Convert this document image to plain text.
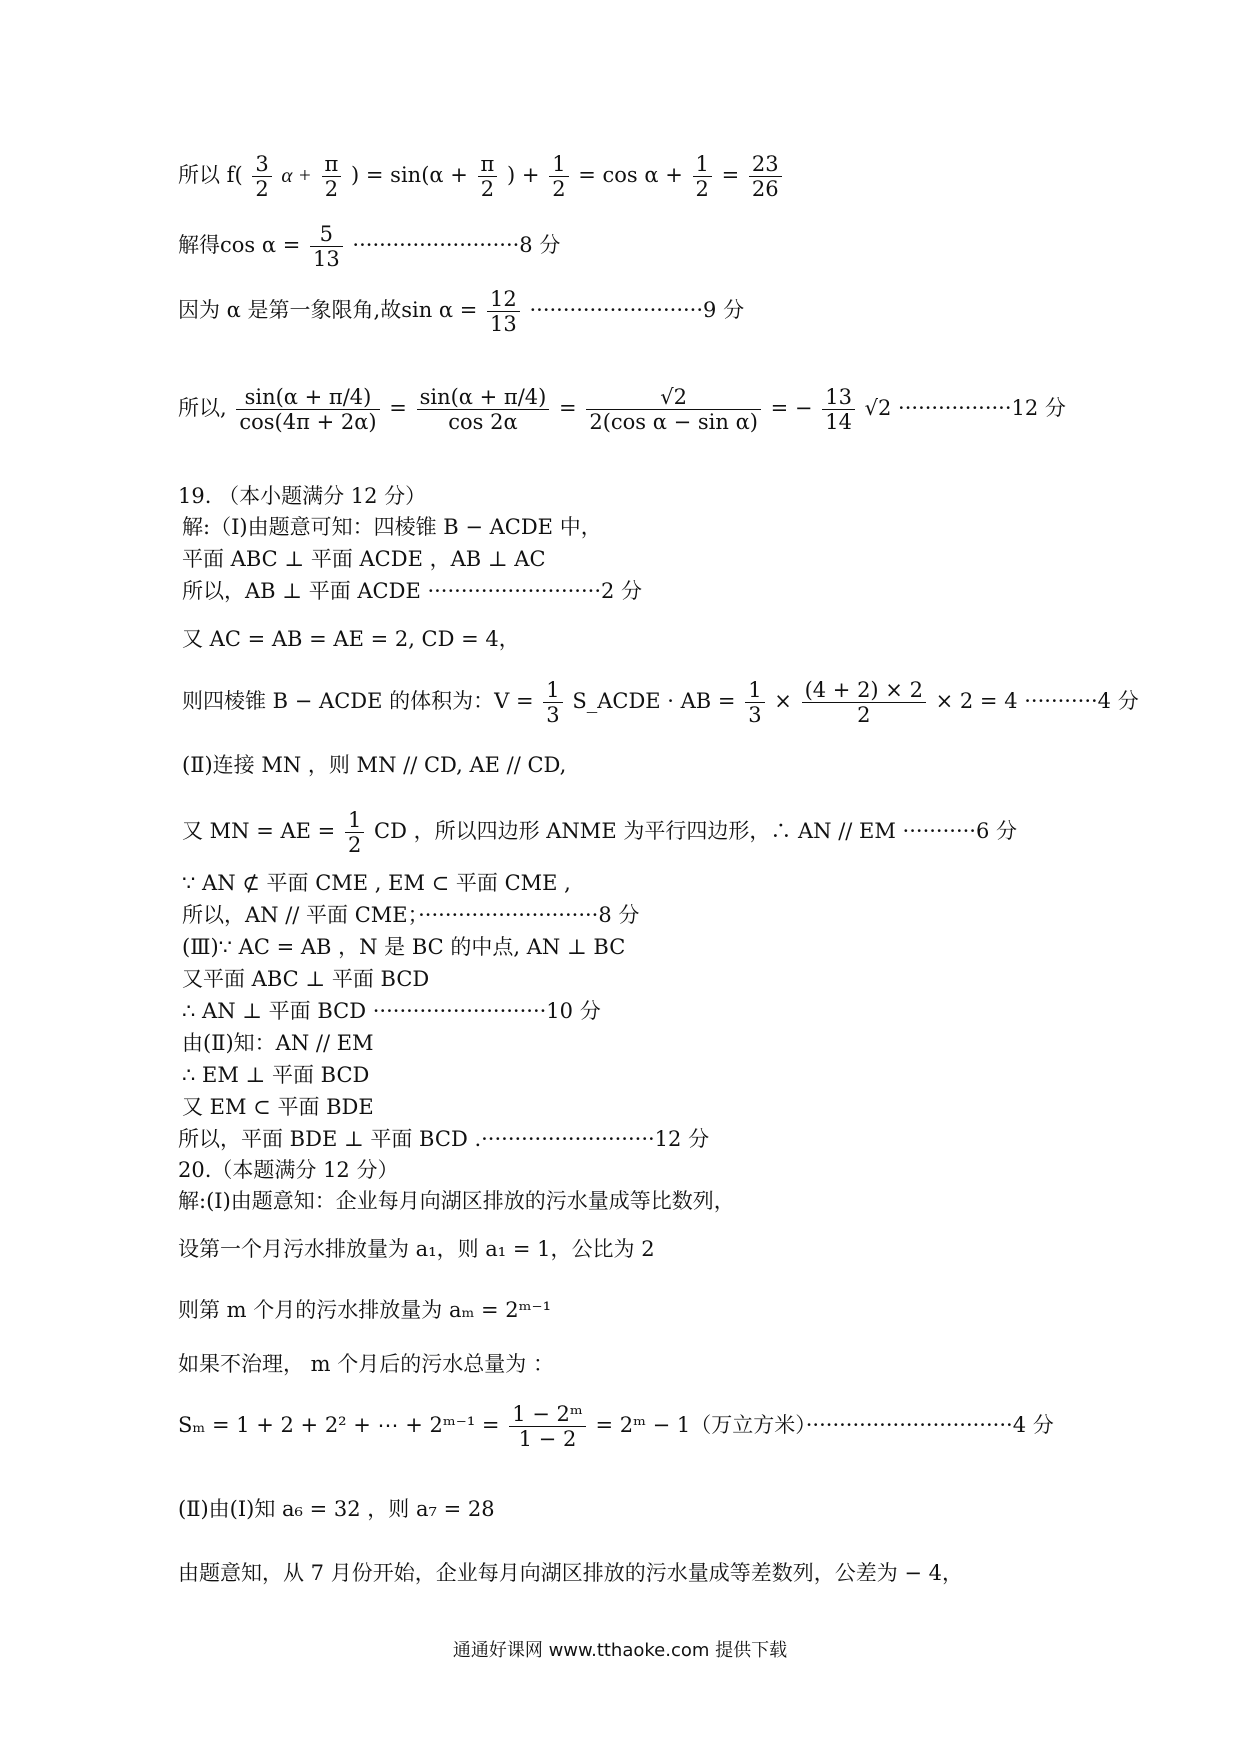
所以 $f( \frac{3}{2}$ $\alpha + \frac{\pi}{2}$ ) = $\sin(\alpha + \frac{\pi}{2}$ ) + $\frac{1}{2} = \cos \alpha + \frac{1}{2} = \frac{23}{26}$
解得$\cos \alpha = \frac{5}{13} \cdot\cdot\cdot\cdot\cdot\cdot\cdot\cdot\cdot\cdot\cdot\cdot\cdot\cdot\cdot\cdot\cdot\cdot\cdot\cdot\cdot\cdot\cdot\cdot\cdot 8$ 分
因为 α 是第一象限角,故$\sin \alpha = \frac{12}{13} \cdot\cdot\cdot\cdot\cdot\cdot\cdot\cdot\cdot\cdot\cdot\cdot\cdot\cdot\cdot\cdot\cdot\cdot\cdot\cdot\cdot\cdot\cdot\cdot\cdot\cdot 9$ 分
所以, $\frac{\sin(\alpha + \pi/4)}{\cos(4\pi + 2\alpha)} = \frac{\sin(\alpha + \pi/4)}{\cos 2\alpha} = \frac{√2}{\text{2(cos α − sin α)}}$ = − $\frac{13}{14} √2 \cdot\cdot\cdot\cdot\cdot\cdot\cdot\cdot\cdot\cdot\cdot\cdot\cdot\cdot\cdot\cdot\cdot 12$ 分
19. （本小题满分 12 分）
解:（Ⅰ)由题意可知：四棱锥 B − ACDE 中，
平面 ABC ⊥ 平面 ACDE ，AB ⊥ AC
所以，AB ⊥ 平面 ACDE ··························2 分
又 AC = AB = AE = 2, CD = 4，
则四棱锥 B − ACDE 的体积为：$V = \frac{1}{3}$ S_ACDE · AB = $\frac{1}{3} \times \frac{(4 + 2) \times 2}{2} \times 2 = 4 \cdot\cdot\cdot\cdot\cdot\cdot\cdot\cdot\cdot\cdot\cdot 4$ 分
(Ⅱ)连接 MN ，则 MN // CD, AE // CD,
又 MN = AE = $\frac{1}{2}$ CD ，所以四边形 ANME 为平行四边形，∴ AN // EM ···········6 分
∵ AN ⊄ 平面 CME , EM ⊂ 平面 CME ,
所以，AN // 平面 CME；···························8 分
(Ⅲ)∵ AC = AB ，N 是 BC 的中点, AN ⊥ BC
又平面 ABC ⊥ 平面 BCD
∴ AN ⊥ 平面 BCD ··························10 分
由(Ⅱ)知：AN // EM
∴ EM ⊥ 平面 BCD
又 EM ⊂ 平面 BDE
所以，平面 BDE ⊥ 平面 BCD .··························12 分
20.（本题满分 12 分）
解:(Ⅰ)由题意知：企业每月向湖区排放的污水量成等比数列，
设第一个月污水排放量为 a₁，则 a₁ = 1，公比为 2
则第 m 个月的污水排放量为 aₘ = 2ᵐ⁻¹
如果不治理， m 个月后的污水总量为 ：
Sₘ = 1 + 2 + 2² + ⋯ + 2ᵐ⁻¹ = $\frac{\text{1 − 2ᵐ}}{1 - 2}$ = 2ᵐ − 1（万立方米）·······························4 分
(Ⅱ)由(Ⅰ)知 a₆ = 32 ，则 a₇ = 28
由题意知，从 7 月份开始，企业每月向湖区排放的污水量成等差数列，公差为 − 4，
通通好课网 www.tthaoke.com 提供下载
